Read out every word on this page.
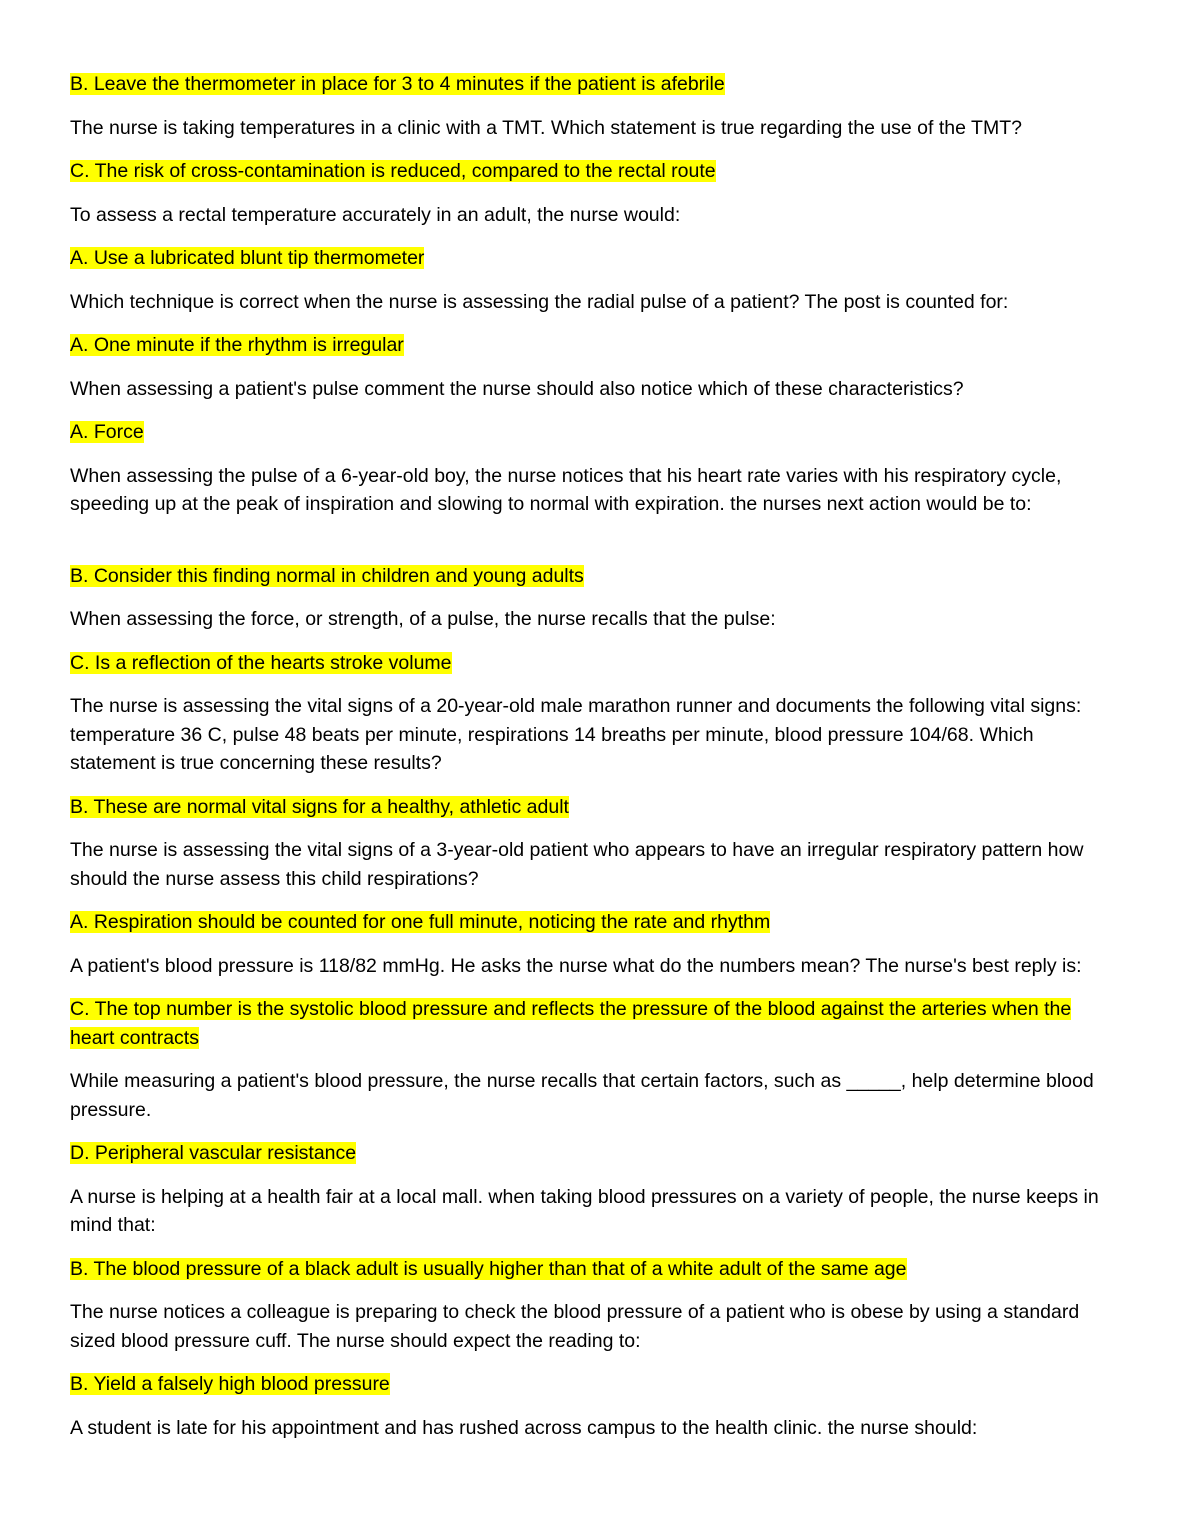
B. Leave the thermometer in place for 3 to 4 minutes if the patient is afebrile

The nurse is taking temperatures in a clinic with a TMT. Which statement is true regarding the use of the TMT?

C. The risk of cross-contamination is reduced, compared to the rectal route

To assess a rectal temperature accurately in an adult, the nurse would:

A. Use a lubricated blunt tip thermometer

Which technique is correct when the nurse is assessing the radial pulse of a patient? The post is counted for:

A. One minute if the rhythm is irregular

When assessing a patient's pulse comment the nurse should also notice which of these characteristics?

A. Force

When assessing the pulse of a 6-year-old boy, the nurse notices that his heart rate varies with his respiratory cycle, speeding up at the peak of inspiration and slowing to normal with expiration. the nurses next action would be to:

B. Consider this finding normal in children and young adults

When assessing the force, or strength, of a pulse, the nurse recalls that the pulse:

C. Is a reflection of the hearts stroke volume

The nurse is assessing the vital signs of a 20-year-old male marathon runner and documents the following vital signs: temperature 36 C, pulse 48 beats per minute, respirations 14 breaths per minute, blood pressure 104/68. Which statement is true concerning these results?

B. These are normal vital signs for a healthy, athletic adult

The nurse is assessing the vital signs of a 3-year-old patient who appears to have an irregular respiratory pattern how should the nurse assess this child respirations?

A. Respiration should be counted for one full minute, noticing the rate and rhythm

A patient's blood pressure is 118/82 mmHg. He asks the nurse what do the numbers mean? The nurse's best reply is:

C. The top number is the systolic blood pressure and reflects the pressure of the blood against the arteries when the heart contracts

While measuring a patient's blood pressure, the nurse recalls that certain factors, such as _____, help determine blood pressure.

D. Peripheral vascular resistance

A nurse is helping at a health fair at a local mall. when taking blood pressures on a variety of people, the nurse keeps in mind that:

B. The blood pressure of a black adult is usually higher than that of a white adult of the same age

The nurse notices a colleague is preparing to check the blood pressure of a patient who is obese by using a standard sized blood pressure cuff. The nurse should expect the reading to:

B. Yield a falsely high blood pressure

A student is late for his appointment and has rushed across campus to the health clinic. the nurse should:
